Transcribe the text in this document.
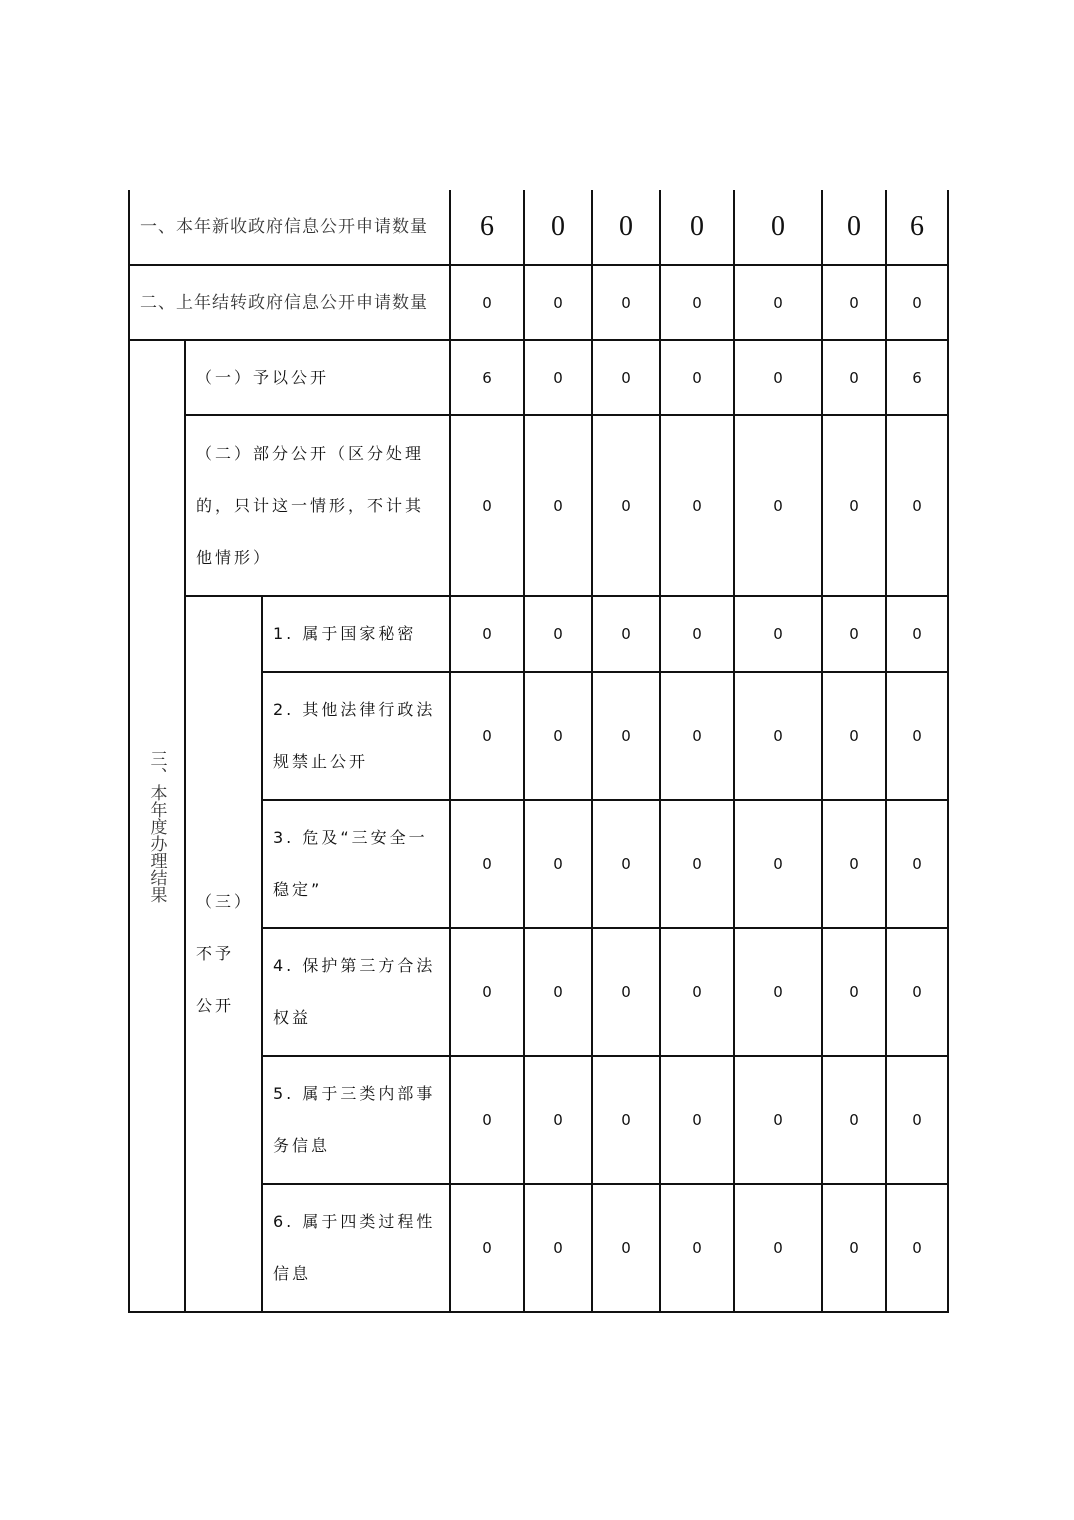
一、本年新收政府信息公开申请数量			6	0	0	0	0	0	6
二、上年结转政府信息公开申请数量			0	0	0	0	0	0	0

三、本年度办理结果	（一）予以公开		6	0	0	0	0	0	6
	（二）部分公开（区分处理的，只计这一情形，不计其他情形）		0	0	0	0	0	0	0

	（三）
不予公开	1. 属于国家秘密	0	0	0	0	0	0	0
		2. 其他法律行政法规禁止公开	0	0	0	0	0	0	0
		3. 危及“三安全一稳定”	0	0	0	0	0	0	0
		4. 保护第三方合法权益	0	0	0	0	0	0	0
		5. 属于三类内部事务信息	0	0	0	0	0	0	0
		6. 属于四类过程性信息	0	0	0	0	0	0	0
